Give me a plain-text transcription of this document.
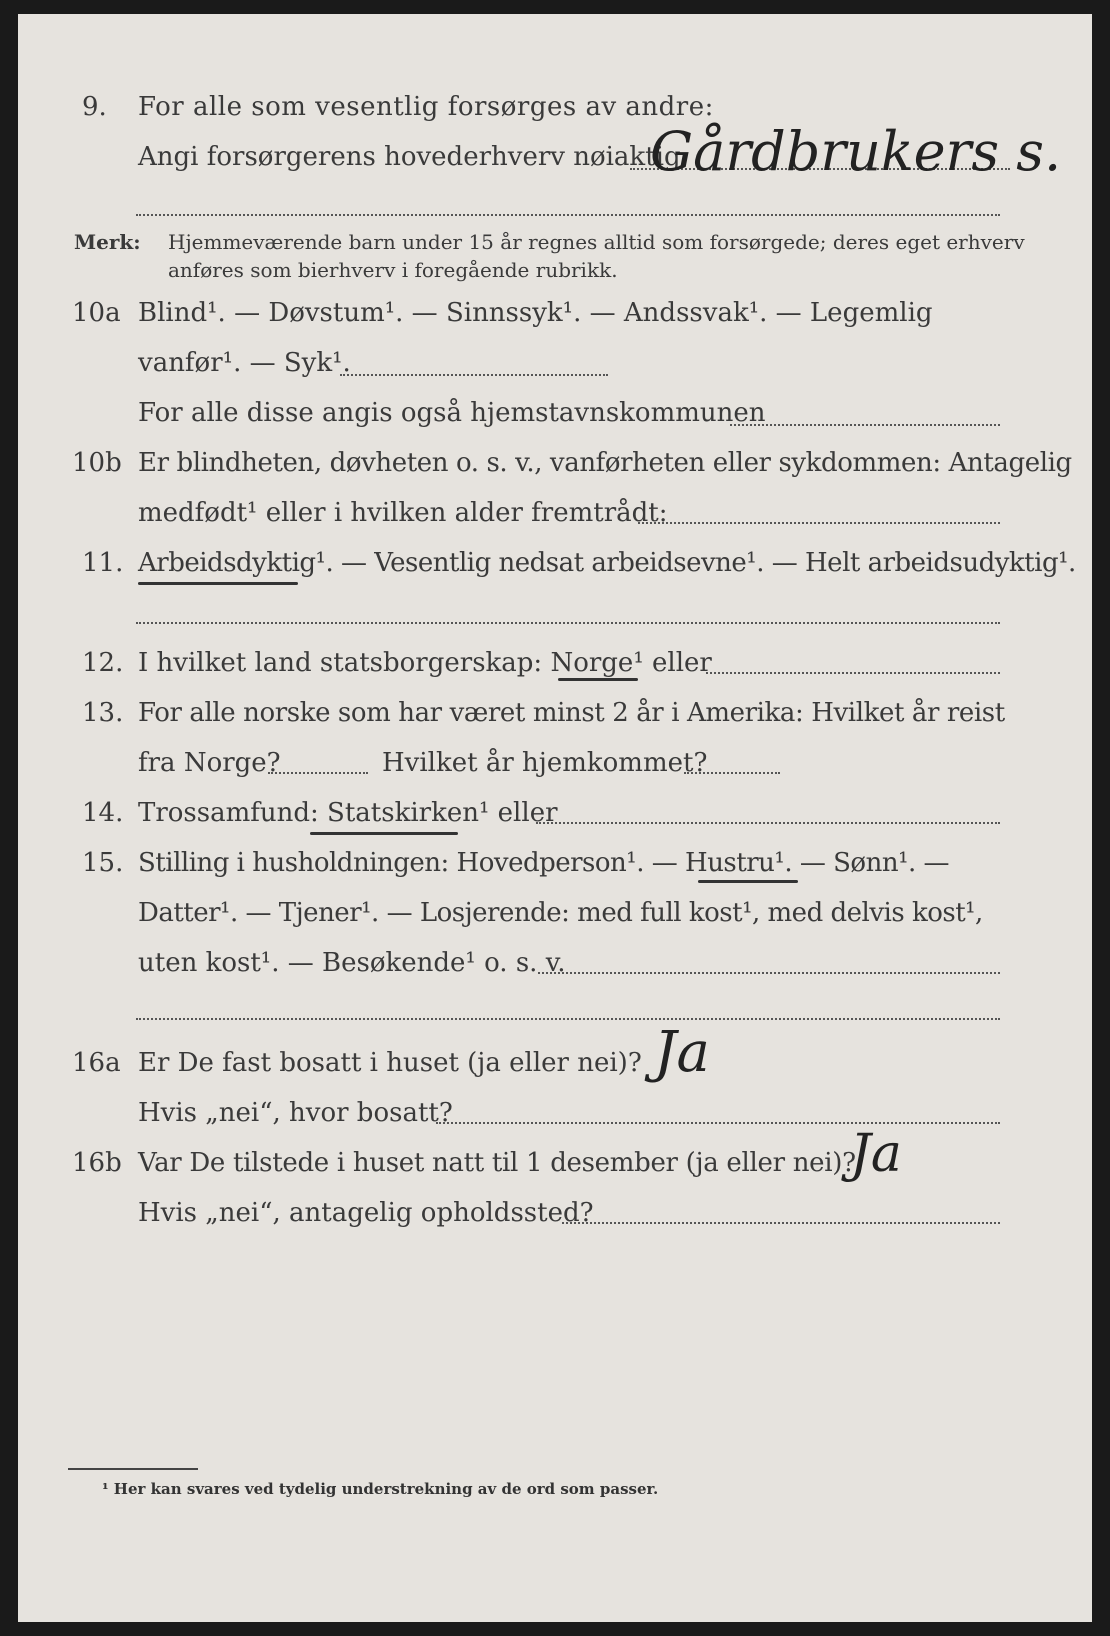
9. For alle som vesentlig forsørges av andre:
Angi forsørgerens hovederhverv nøiaktig
Gårdbrukers s.
Merk: Hjemmeværende barn under 15 år regnes alltid som forsørgede; deres eget erhverv
anføres som bierhverv i foregående rubrikk.
10a Blind¹. — Døvstum¹. — Sinnssyk¹. — Andssvak¹. — Legemlig
vanfør¹. — Syk¹.
For alle disse angis også hjemstavnskommunen
10b Er blindheten, døvheten o. s. v., vanførheten eller sykdommen: Antagelig
medfødt¹ eller i hvilken alder fremtrådt:
11. Arbeidsdyktig¹. — Vesentlig nedsat arbeidsevne¹. — Helt arbeidsudyktig¹.
12. I hvilket land statsborgerskap: Norge¹ eller
13. For alle norske som har været minst 2 år i Amerika: Hvilket år reist
fra Norge?	Hvilket år hjemkommet?
14. Trossamfund: Statskirken¹ eller
15. Stilling i husholdningen: Hovedperson¹. — Hustru¹. — Sønn¹. —
Datter¹. — Tjener¹. — Losjerende: med full kost¹, med delvis kost¹,
uten kost¹. — Besøkende¹ o. s. v.
16a Er De fast bosatt i huset (ja eller nei)? Ja
Hvis „nei“, hvor bosatt?
16b Var De tilstede i huset natt til 1 desember (ja eller nei)?
Ja
Hvis „nei“, antagelig opholdssted?
¹ Her kan svares ved tydelig understrekning av de ord som passer.
